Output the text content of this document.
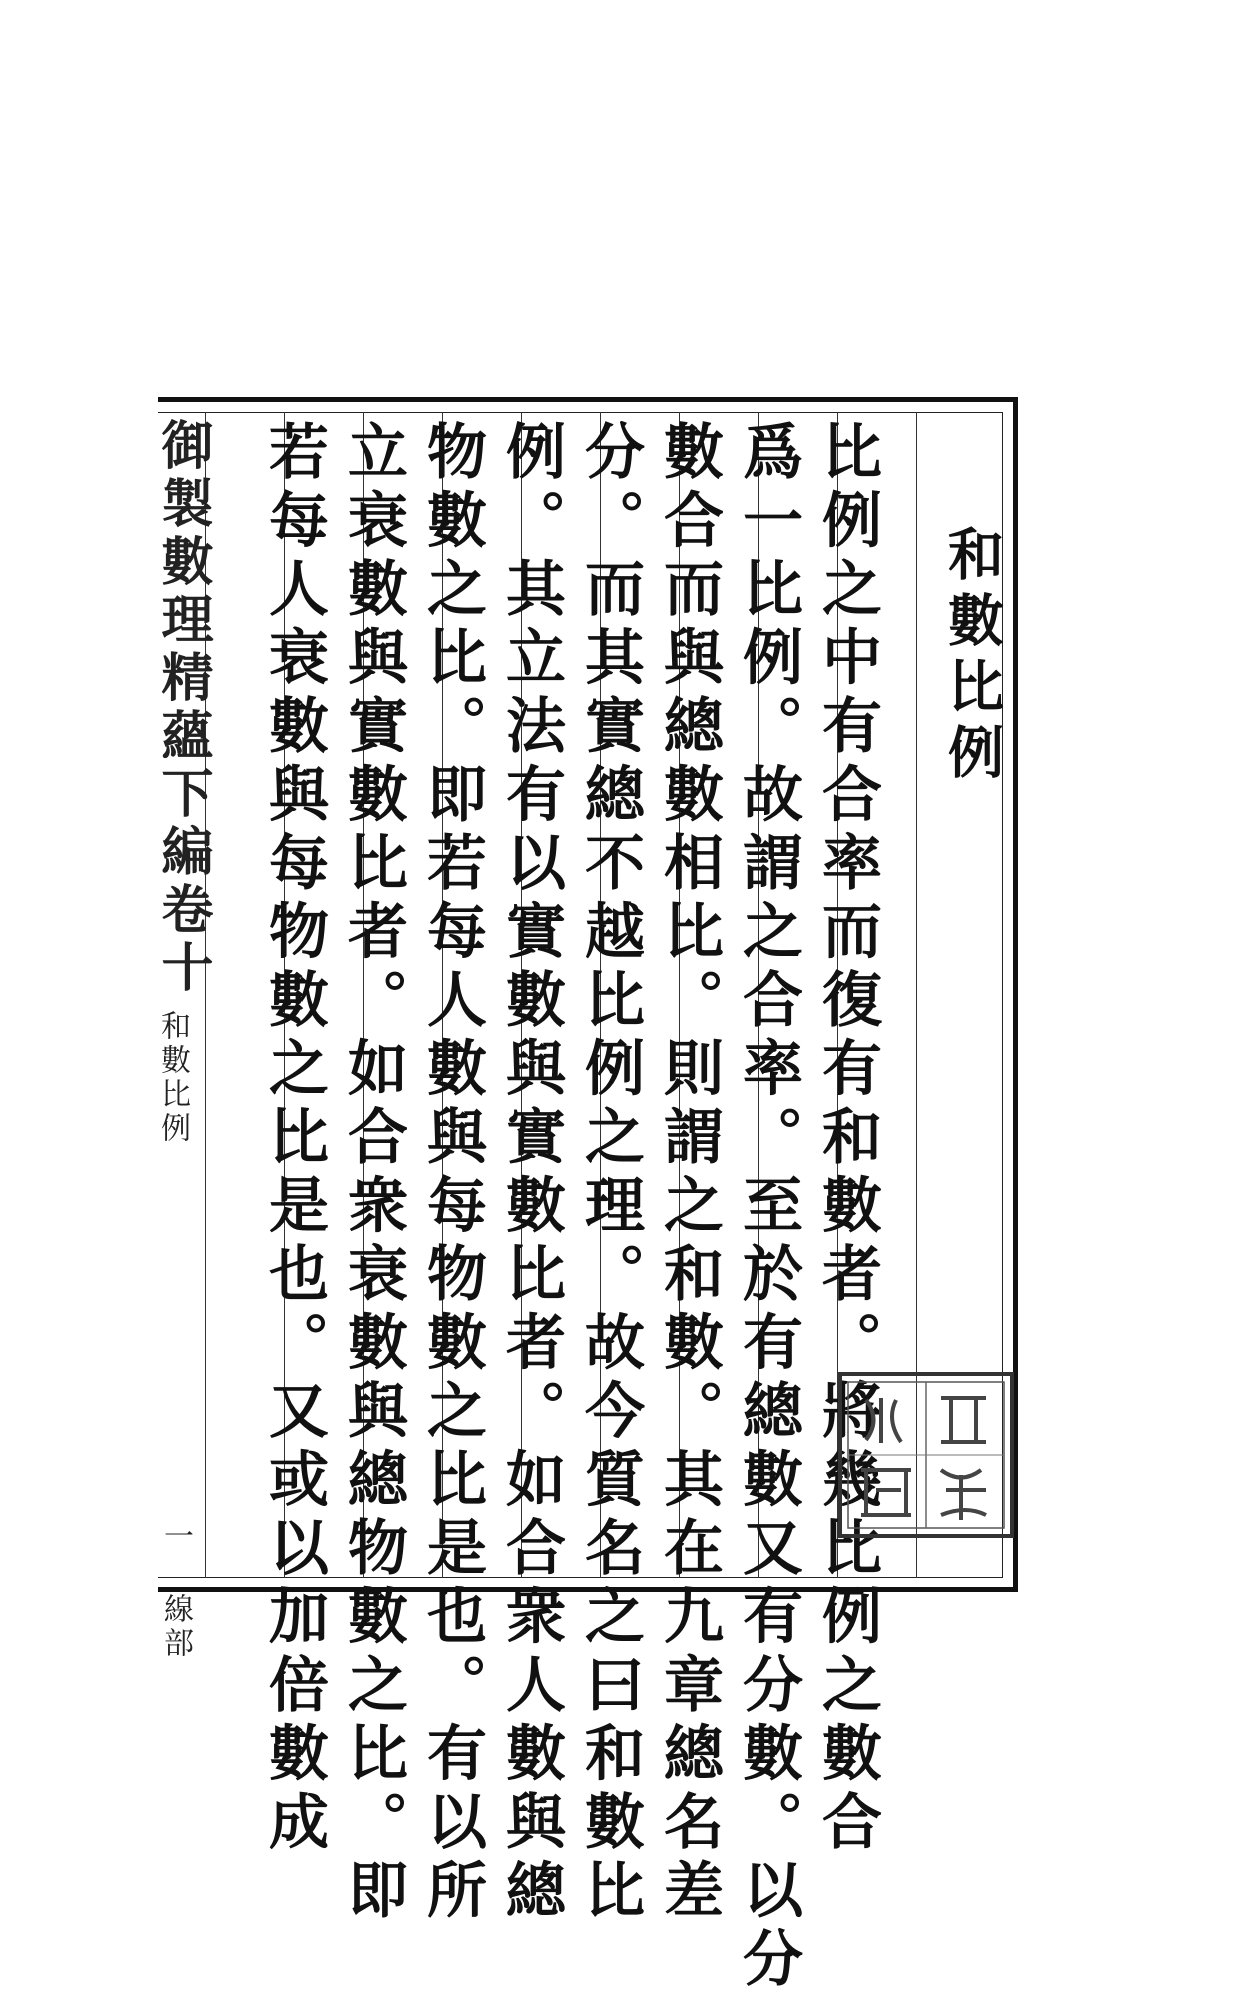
御製數理精蘊下編卷十
和數比例
一 線部
和數比例
比例之中有合率而復有和數者。將幾比例之數合
爲一比例。故謂之合率。至於有總數又有分數。以分
數合而與總數相比。則謂之和數。其在九章總名差
分。而其實總不越比例之理。故今質名之曰和數比
例。其立法有以實數與實數比者。如合衆人數與總
物數之比。即若每人數與每物數之比是也。有以所
立衰數與實數比者。如合衆衰數與總物數之比。即
若每人衰數與每物數之比是也。又或以加倍數成
